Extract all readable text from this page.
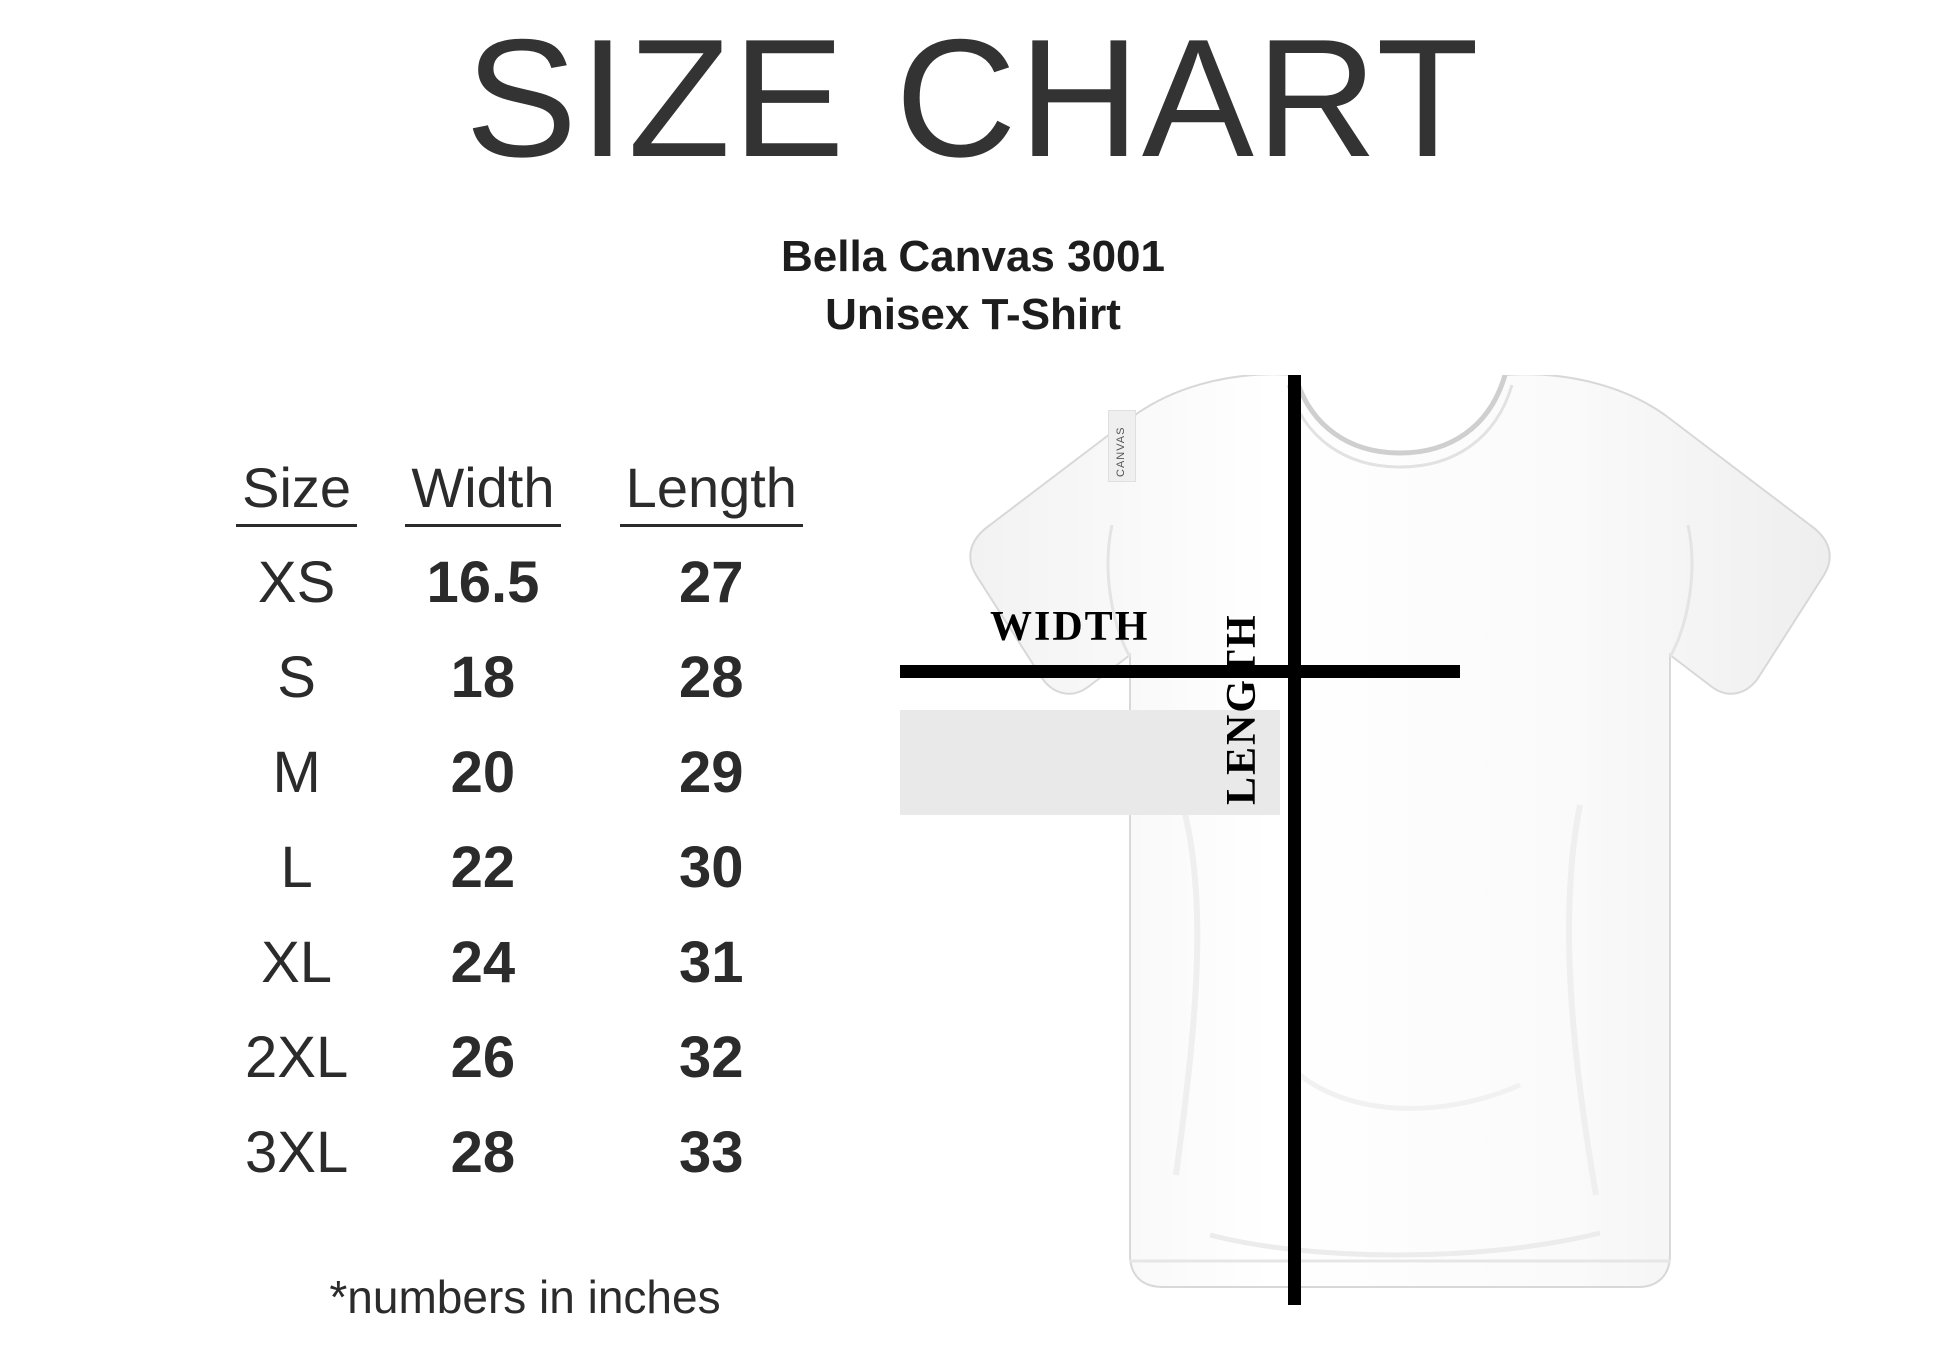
SIZE CHART
Bella Canvas 3001
Unisex T-Shirt
Size	Width	Length
XS	16.5	27
S	18	28
M	20	29
L	22	30
XL	24	31
2XL	26	32
3XL	28	33
*numbers in inches
CANVAS
WIDTH LENGTH
